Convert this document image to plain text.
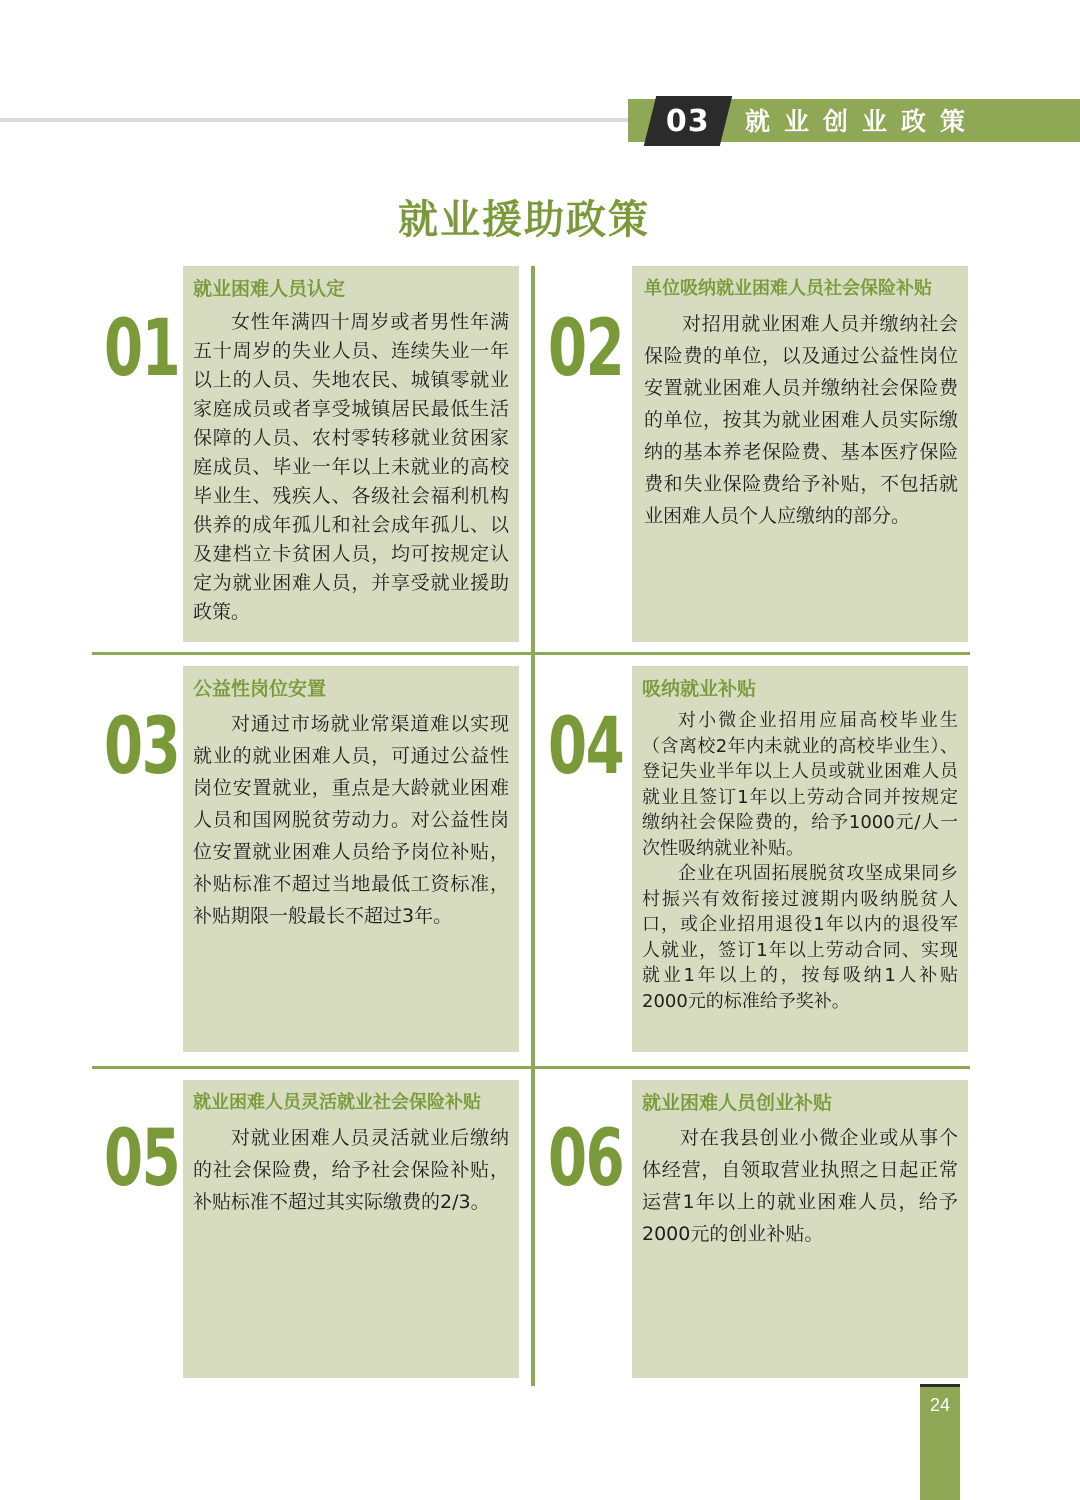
03 就业创业政策
就业援助政策
01
就业困难人员认定

女性年满四十周岁或者男性年满五十周岁的失业人员、连续失业一年以上的人员、失地农民、城镇零就业家庭成员或者享受城镇居民最低生活保障的人员、农村零转移就业贫困家庭成员、毕业一年以上未就业的高校毕业生、残疾人、各级社会福利机构供养的成年孤儿和社会成年孤儿、以及建档立卡贫困人员，均可按规定认定为就业困难人员，并享受就业援助政策。

02
单位吸纳就业困难人员社会保险补贴

对招用就业困难人员并缴纳社会保险费的单位，以及通过公益性岗位安置就业困难人员并缴纳社会保险费的单位，按其为就业困难人员实际缴纳的基本养老保险费、基本医疗保险费和失业保险费给予补贴，不包括就业困难人员个人应缴纳的部分。

03
公益性岗位安置

对通过市场就业常渠道难以实现就业的就业困难人员，可通过公益性岗位安置就业，重点是大龄就业困难人员和国网脱贫劳动力。对公益性岗位安置就业困难人员给予岗位补贴，补贴标准不超过当地最低工资标准，补贴期限一般最长不超过3年。

04
吸纳就业补贴

对小微企业招用应届高校毕业生（含离校2年内未就业的高校毕业生）、登记失业半年以上人员或就业困难人员就业且签订1年以上劳动合同并按规定缴纳社会保险费的，给予1000元/人一次性吸纳就业补贴。

企业在巩固拓展脱贫攻坚成果同乡村振兴有效衔接过渡期内吸纳脱贫人口，或企业招用退役1年以内的退役军人就业，签订1年以上劳动合同、实现就业1年以上的，按每吸纳1人补贴2000元的标准给予奖补。

05
就业困难人员灵活就业社会保险补贴

对就业困难人员灵活就业后缴纳的社会保险费，给予社会保险补贴，补贴标准不超过其实际缴费的2/3。 06
就业困难人员创业补贴

对在我县创业小微企业或从事个体经营，自领取营业执照之日起正常运营1年以上的就业困难人员，给予2000元的创业补贴。

24
